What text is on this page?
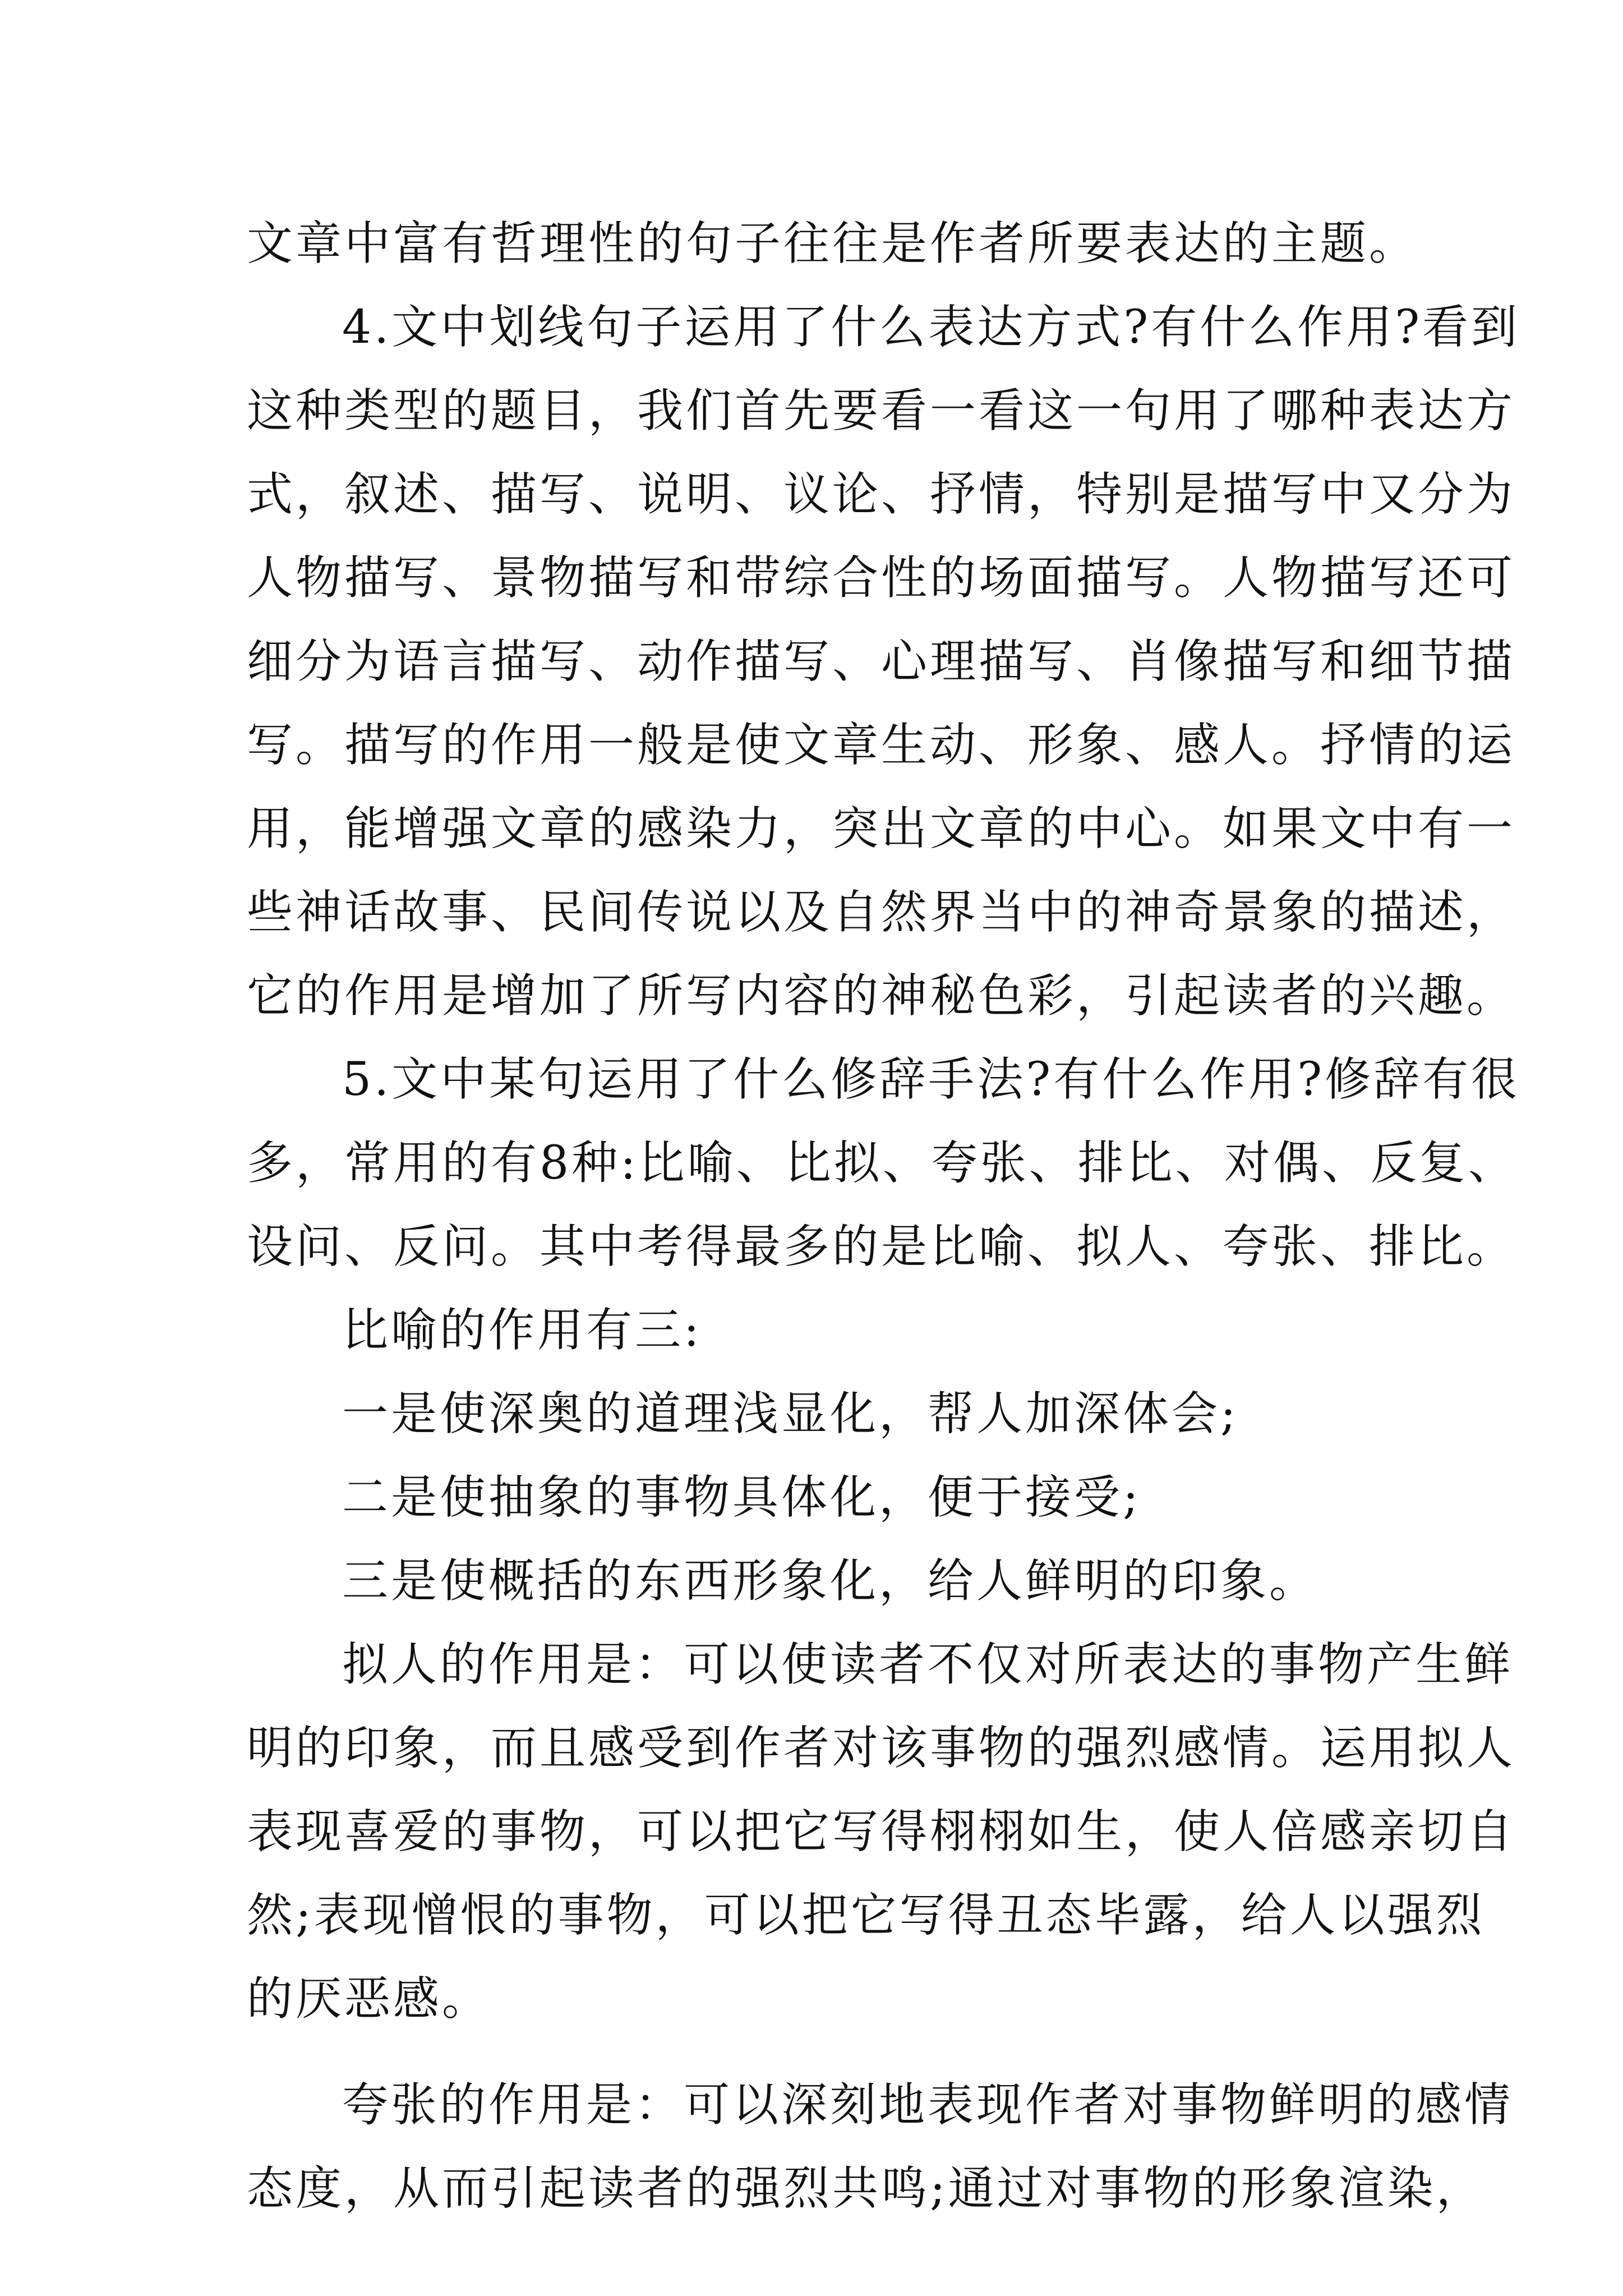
文章中富有哲理性的句子往往是作者所要表达的主题。
4.文中划线句子运用了什么表达方式?有什么作用?看到
这种类型的题目，我们首先要看一看这一句用了哪种表达方
式，叙述、描写、说明、议论、抒情，特别是描写中又分为
人物描写、景物描写和带综合性的场面描写。人物描写还可
细分为语言描写、动作描写、心理描写、肖像描写和细节描
写。描写的作用一般是使文章生动、形象、感人。抒情的运
用，能增强文章的感染力，突出文章的中心。如果文中有一
些神话故事、民间传说以及自然界当中的神奇景象的描述，
它的作用是增加了所写内容的神秘色彩，引起读者的兴趣。
5.文中某句运用了什么修辞手法?有什么作用?修辞有很
多，常用的有8种:比喻、比拟、夸张、排比、对偶、反复、
设问、反问。其中考得最多的是比喻、拟人、夸张、排比。
比喻的作用有三:
一是使深奥的道理浅显化，帮人加深体会;
二是使抽象的事物具体化，便于接受;
三是使概括的东西形象化，给人鲜明的印象。
拟人的作用是：可以使读者不仅对所表达的事物产生鲜
明的印象，而且感受到作者对该事物的强烈感情。运用拟人
表现喜爱的事物，可以把它写得栩栩如生，使人倍感亲切自
然;表现憎恨的事物，可以把它写得丑态毕露，给人以强烈
的厌恶感。
夸张的作用是：可以深刻地表现作者对事物鲜明的感情
态度，从而引起读者的强烈共鸣;通过对事物的形象渲染，
